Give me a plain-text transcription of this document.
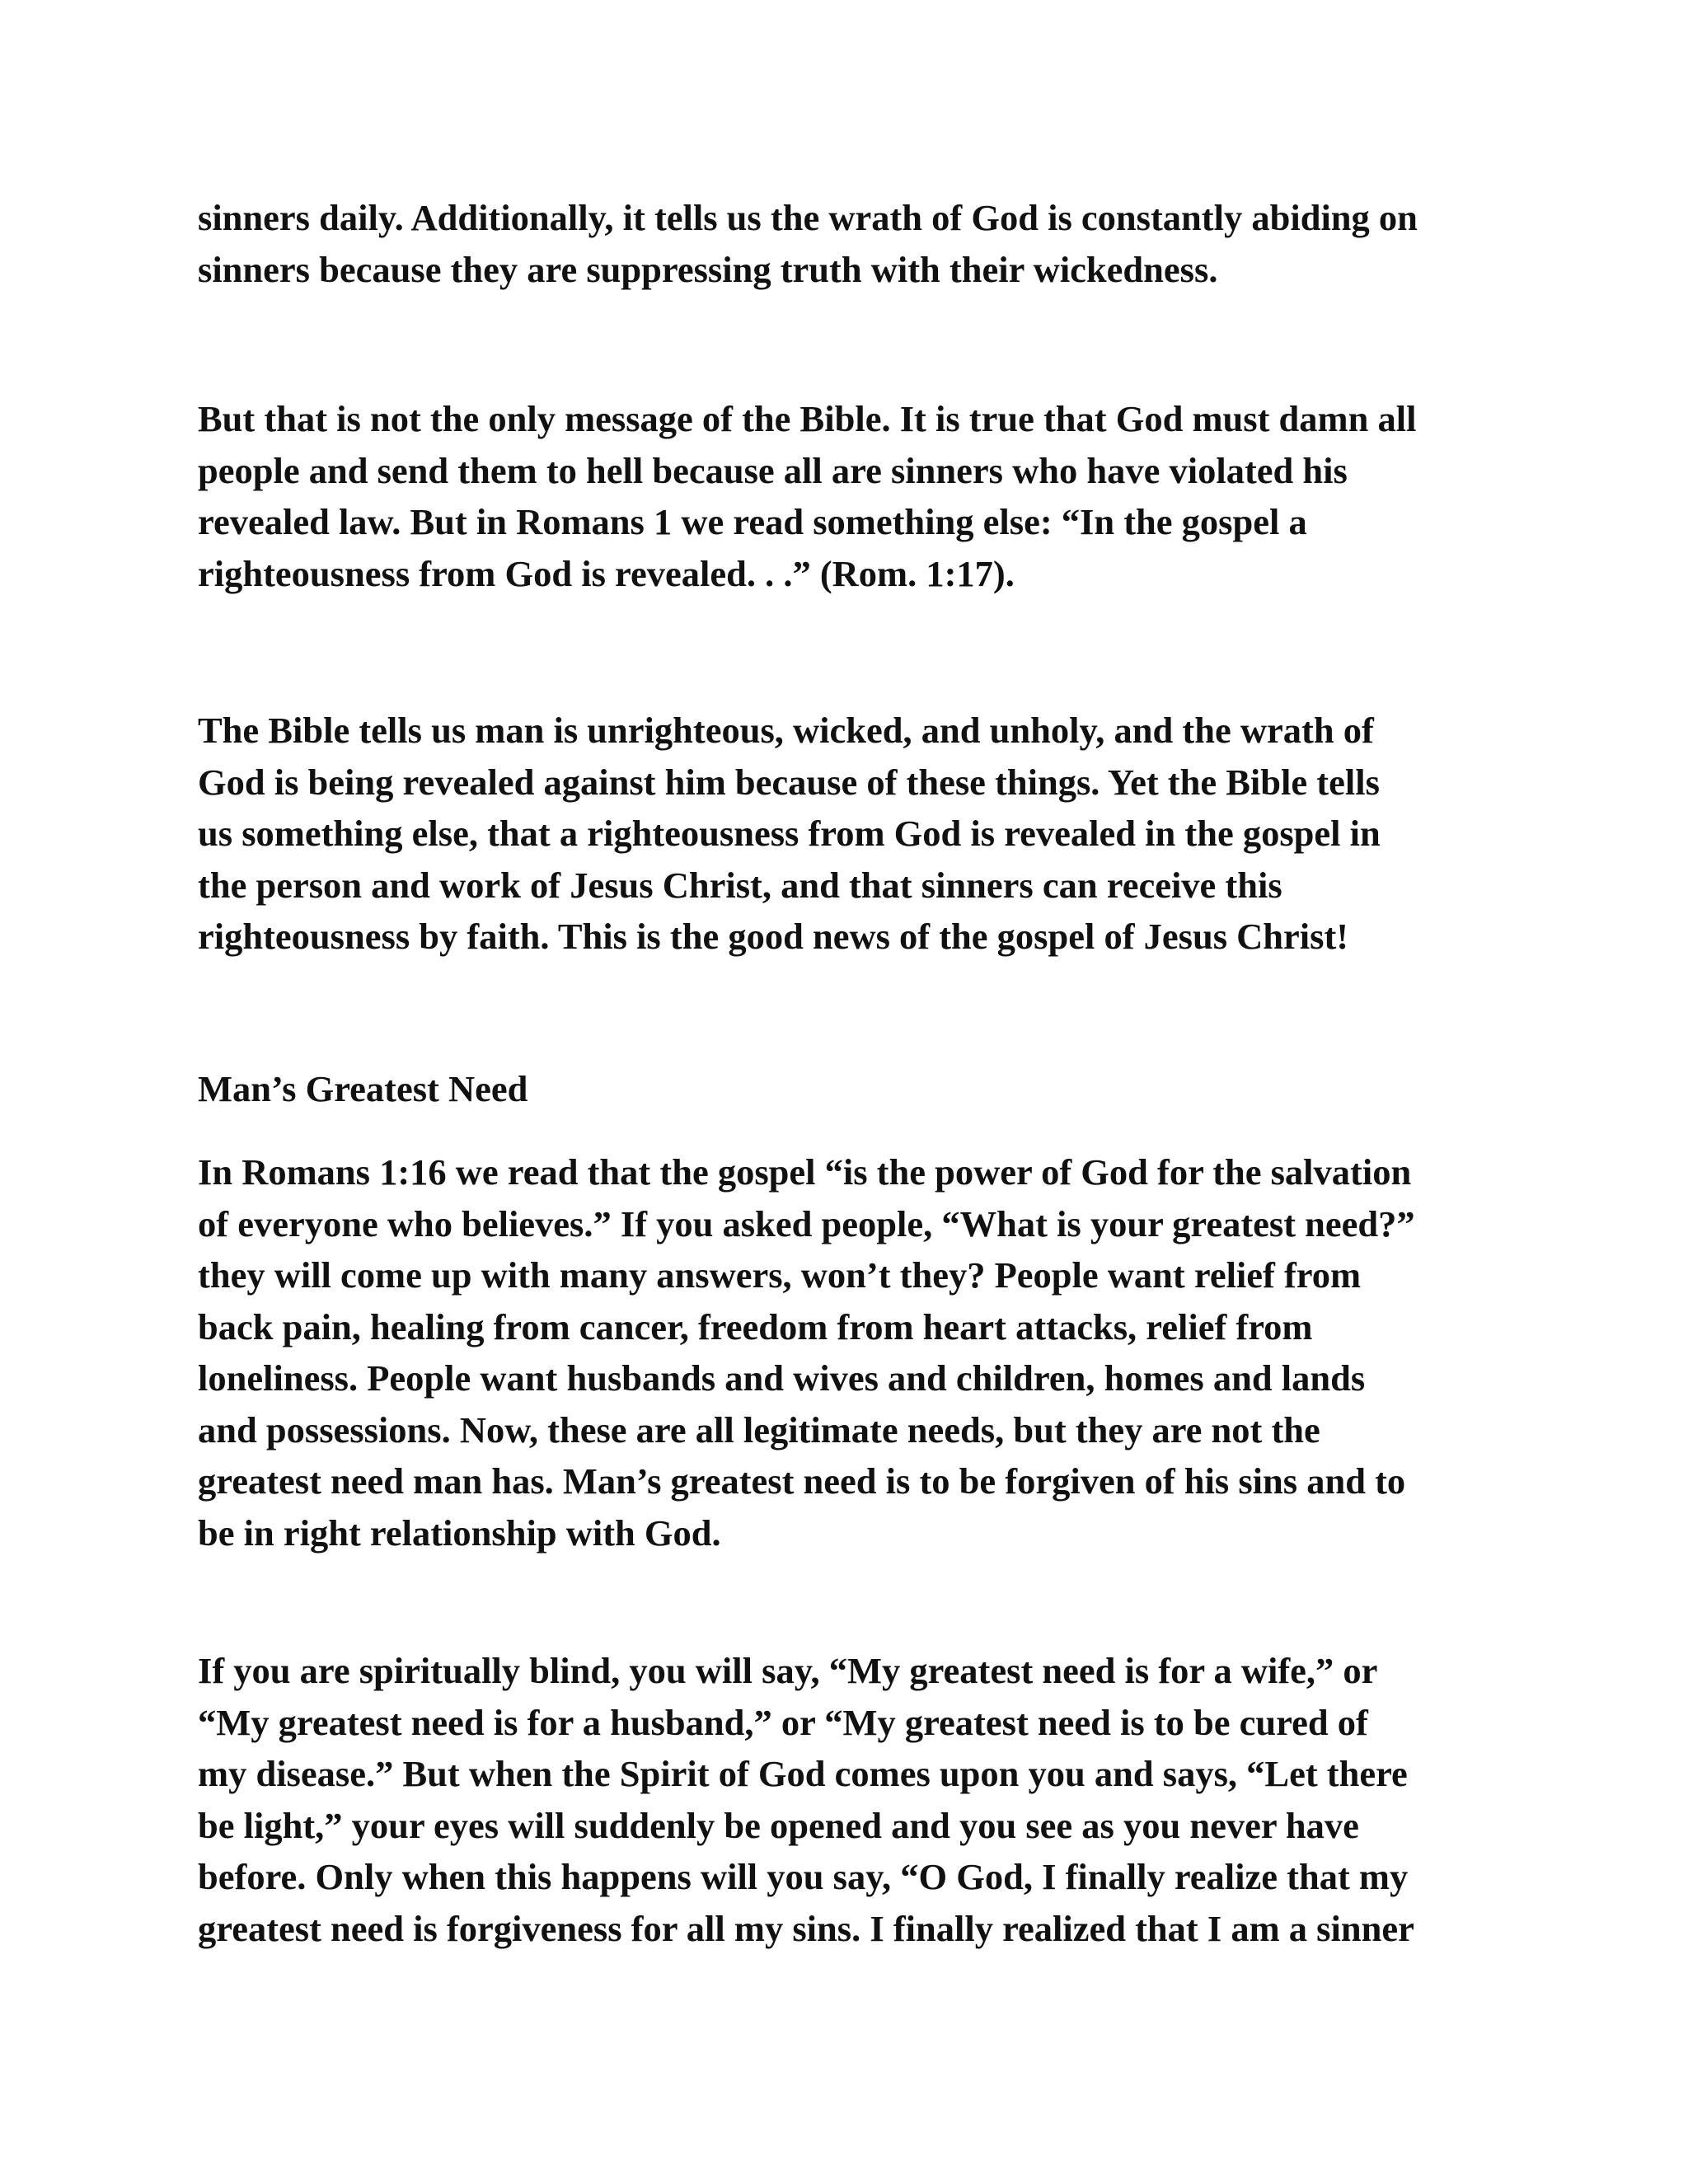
sinners daily. Additionally, it tells us the wrath of God is constantly abiding on
sinners because they are suppressing truth with their wickedness.
But that is not the only message of the Bible. It is true that God must damn all
people and send them to hell because all are sinners who have violated his
revealed law. But in Romans 1 we read something else: “In the gospel a
righteousness from God is revealed. . .” (Rom. 1:17).
The Bible tells us man is unrighteous, wicked, and unholy, and the wrath of
God is being revealed against him because of these things. Yet the Bible tells
us something else, that a righteousness from God is revealed in the gospel in
the person and work of Jesus Christ, and that sinners can receive this
righteousness by faith. This is the good news of the gospel of Jesus Christ!
Man’s Greatest Need
In Romans 1:16 we read that the gospel “is the power of God for the salvation
of everyone who believes.” If you asked people, “What is your greatest need?”
they will come up with many answers, won’t they? People want relief from
back pain, healing from cancer, freedom from heart attacks, relief from
loneliness. People want husbands and wives and children, homes and lands
and possessions. Now, these are all legitimate needs, but they are not the
greatest need man has. Man’s greatest need is to be forgiven of his sins and to
be in right relationship with God.
If you are spiritually blind, you will say, “My greatest need is for a wife,” or
“My greatest need is for a husband,” or “My greatest need is to be cured of
my disease.” But when the Spirit of God comes upon you and says, “Let there
be light,” your eyes will suddenly be opened and you see as you never have
before. Only when this happens will you say, “O God, I finally realize that my
greatest need is forgiveness for all my sins. I finally realized that I am a sinner
